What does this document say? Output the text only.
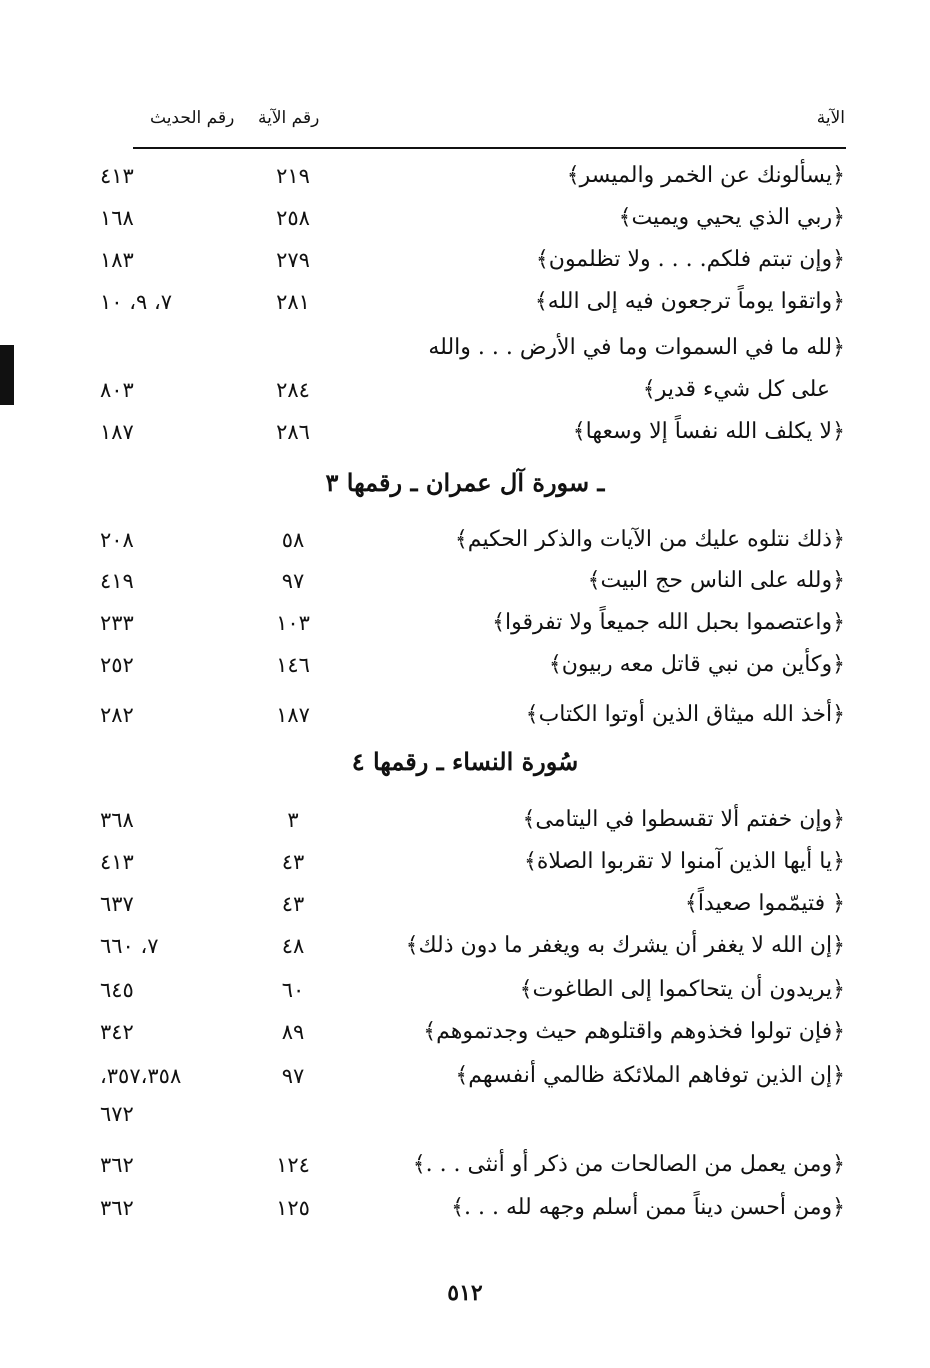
الآية
رقم الآية
رقم الحديث
﴿يسألونك عن الخمر والميسر﴾
٢١٩
٤١٣
﴿ربي الذي يحيي ويميت﴾
٢٥٨
١٦٨
﴿وإن تبتم فلكم. . . . ولا تظلمون﴾
٢٧٩
١٨٣
﴿واتقوا يوماً ترجعون فيه إلى الله﴾
٢٨١
٧، ٩، ١٠
﴿لله ما في السموات وما في الأرض . . . والله
على كل شيء قدير﴾
٢٨٤
٨٠٣
﴿لا يكلف الله نفساً إلا وسعها﴾
٢٨٦
١٨٧
ـ سورة آل عمران ـ رقمها ٣
﴿ذلك نتلوه عليك من الآيات والذكر الحكيم﴾
٥٨
٢٠٨
﴿ولله على الناس حج البيت﴾
٩٧
٤١٩
﴿واعتصموا بحبل الله جميعاً ولا تفرقوا﴾
١٠٣
٢٣٣
﴿وكأين من نبي قاتل معه ربيون﴾
١٤٦
٢٥٢
﴿أخذ الله ميثاق الذين أوتوا الكتاب﴾
١٨٧
٢٨٢
سُورة النساء ـ رقمها ٤
﴿وإن خفتم ألا تقسطوا في اليتامى﴾
٣
٣٦٨
﴿يا أيها الذين آمنوا لا تقربوا الصلاة﴾
٤٣
٤١٣
﴿ فتيمّموا صعيداً﴾
٤٣
٦٣٧
﴿إن الله لا يغفر أن يشرك به ويغفر ما دون ذلك﴾
٤٨
٧، ٦٦٠
﴿يريدون أن يتحاكموا إلى الطاغوت﴾
٦٠
٦٤٥
﴿فإن تولوا فخذوهم واقتلوهم حيث وجدتموهم﴾
٨٩
٣٤٢
﴿إن الذين توفاهم الملائكة ظالمي أنفسهم﴾
٩٧
٣٥٧،٣٥٨،
٦٧٢
﴿ومن يعمل من الصالحات من ذكر أو أنثى . . .﴾
١٢٤
٣٦٢
﴿ومن أحسن ديناً ممن أسلم وجهه لله . . .﴾
١٢٥
٣٦٢
٥١٢
